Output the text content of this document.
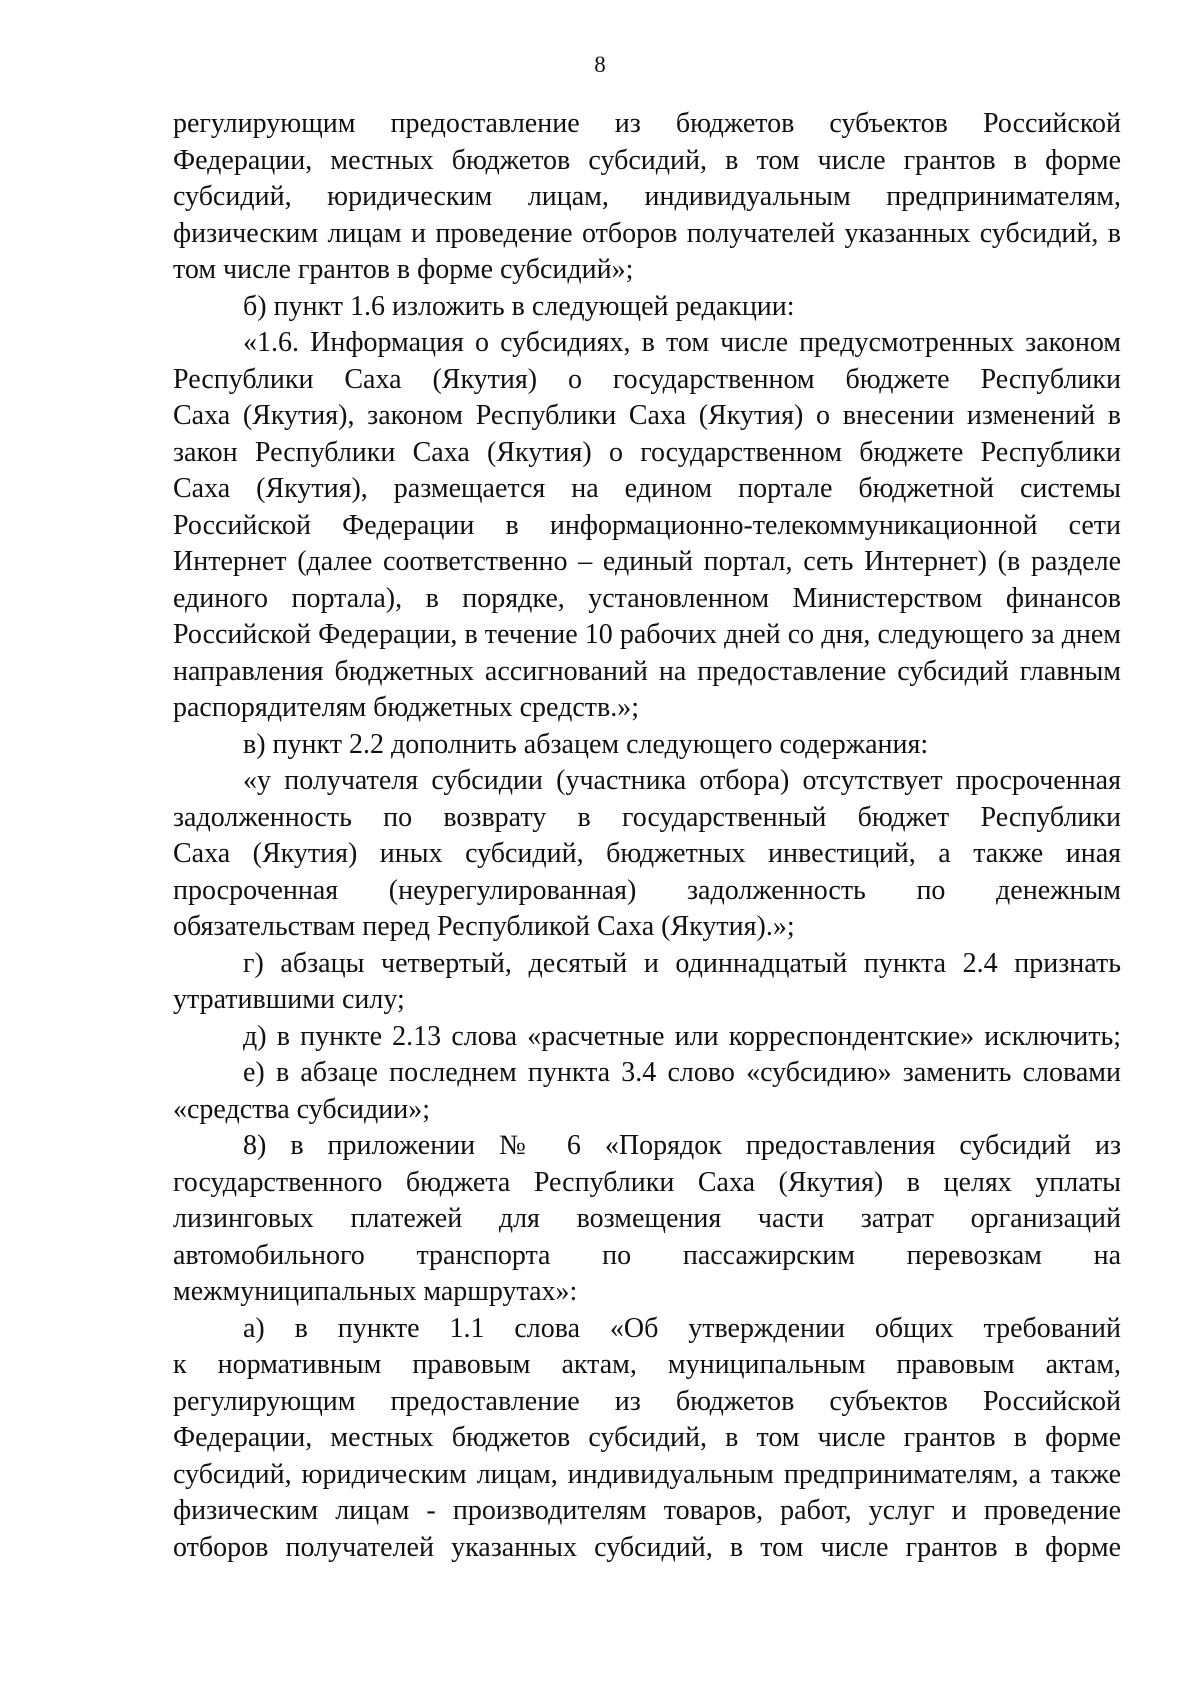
8
регулирующим предоставление из бюджетов субъектов Российской
Федерации, местных бюджетов субсидий, в том числе грантов в форме
субсидий, юридическим лицам, индивидуальным предпринимателям,
физическим лицам и проведение отборов получателей указанных субсидий, в
том числе грантов в форме субсидий»;
б) пункт 1.6 изложить в следующей редакции:
«1.6. Информация о субсидиях, в том числе предусмотренных законом
Республики Саха (Якутия) о государственном бюджете Республики
Саха (Якутия), законом Республики Саха (Якутия) о внесении изменений в
закон Республики Саха (Якутия) о государственном бюджете Республики
Саха (Якутия), размещается на едином портале бюджетной системы
Российской Федерации в информационно-телекоммуникационной сети
Интернет (далее соответственно – единый портал, сеть Интернет) (в разделе
единого портала), в порядке, установленном Министерством финансов
Российской Федерации, в течение 10 рабочих дней со дня, следующего за днем
направления бюджетных ассигнований на предоставление субсидий главным
распорядителям бюджетных средств.»;
в) пункт 2.2 дополнить абзацем следующего содержания:
«у получателя субсидии (участника отбора) отсутствует просроченная
задолженность по возврату в государственный бюджет Республики
Саха (Якутия) иных субсидий, бюджетных инвестиций, а также иная
просроченная (неурегулированная) задолженность по денежным
обязательствам перед Республикой Саха (Якутия).»;
г) абзацы четвертый, десятый и одиннадцатый пункта 2.4 признать
утратившими силу;
д) в пункте 2.13 слова «расчетные или корреспондентские» исключить;
е) в абзаце последнем пункта 3.4 слово «субсидию» заменить словами
«средства субсидии»;
8) в приложении № 6 «Порядок предоставления субсидий из
государственного бюджета Республики Саха (Якутия) в целях уплаты
лизинговых платежей для возмещения части затрат организаций
автомобильного транспорта по пассажирским перевозкам на
межмуниципальных маршрутах»:
а) в пункте 1.1 слова «Об утверждении общих требований
к нормативным правовым актам, муниципальным правовым актам,
регулирующим предоставление из бюджетов субъектов Российской
Федерации, местных бюджетов субсидий, в том числе грантов в форме
субсидий, юридическим лицам, индивидуальным предпринимателям, а также
физическим лицам - производителям товаров, работ, услуг и проведение
отборов получателей указанных субсидий, в том числе грантов в форме
